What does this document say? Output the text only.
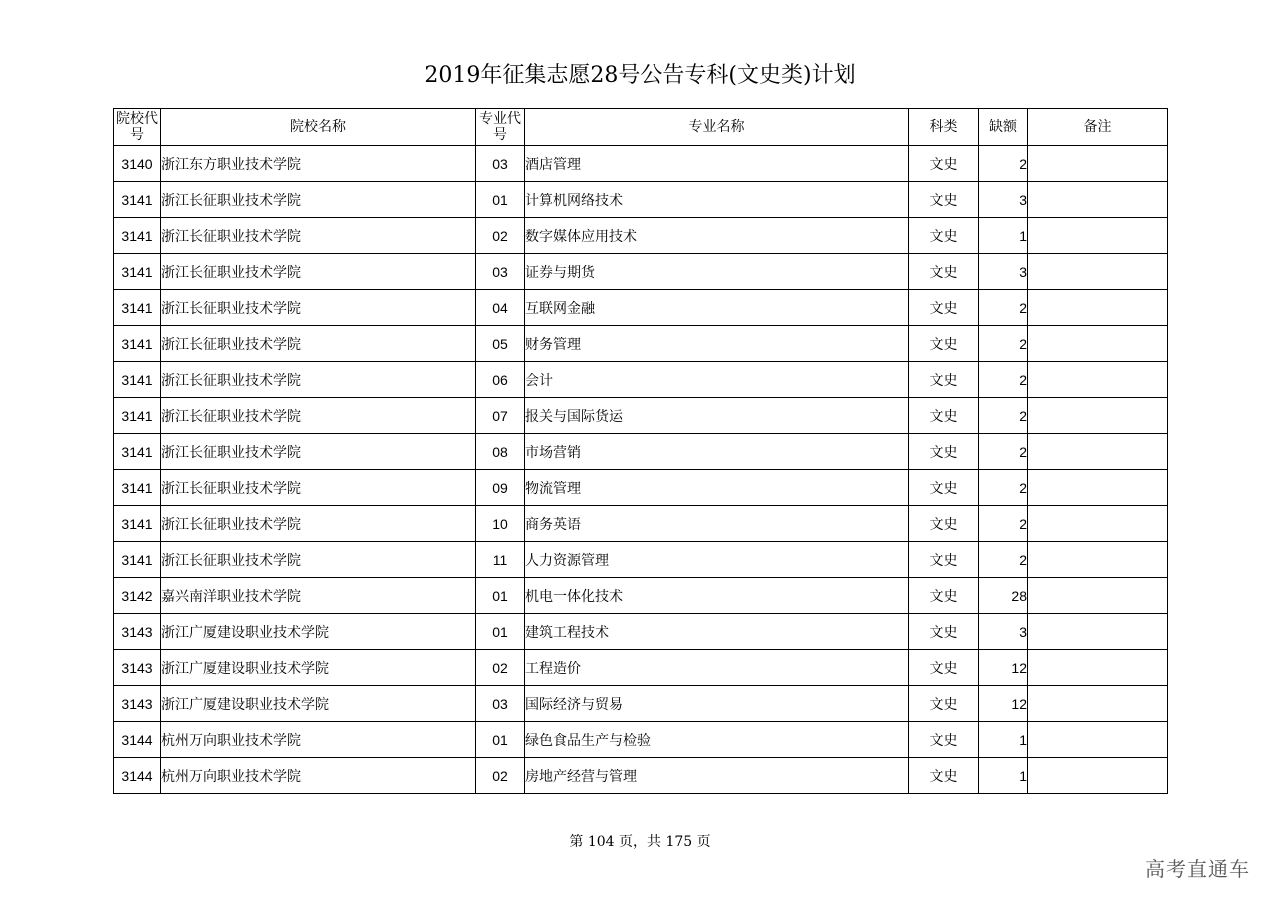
2019年征集志愿28号公告专科(文史类)计划
院校代号	院校名称	专业代号	专业名称	科类	缺额	备注
3140	浙江东方职业技术学院	03	酒店管理	文史	2	
3141	浙江长征职业技术学院	01	计算机网络技术	文史	3	
3141	浙江长征职业技术学院	02	数字媒体应用技术	文史	1	
3141	浙江长征职业技术学院	03	证券与期货	文史	3	
3141	浙江长征职业技术学院	04	互联网金融	文史	2	
3141	浙江长征职业技术学院	05	财务管理	文史	2	
3141	浙江长征职业技术学院	06	会计	文史	2	
3141	浙江长征职业技术学院	07	报关与国际货运	文史	2	
3141	浙江长征职业技术学院	08	市场营销	文史	2	
3141	浙江长征职业技术学院	09	物流管理	文史	2	
3141	浙江长征职业技术学院	10	商务英语	文史	2	
3141	浙江长征职业技术学院	11	人力资源管理	文史	2	
3142	嘉兴南洋职业技术学院	01	机电一体化技术	文史	28	
3143	浙江广厦建设职业技术学院	01	建筑工程技术	文史	3	
3143	浙江广厦建设职业技术学院	02	工程造价	文史	12	
3143	浙江广厦建设职业技术学院	03	国际经济与贸易	文史	12	
3144	杭州万向职业技术学院	01	绿色食品生产与检验	文史	1	
3144	杭州万向职业技术学院	02	房地产经营与管理	文史	1	
第 104 页，共 175 页
高考直通车
